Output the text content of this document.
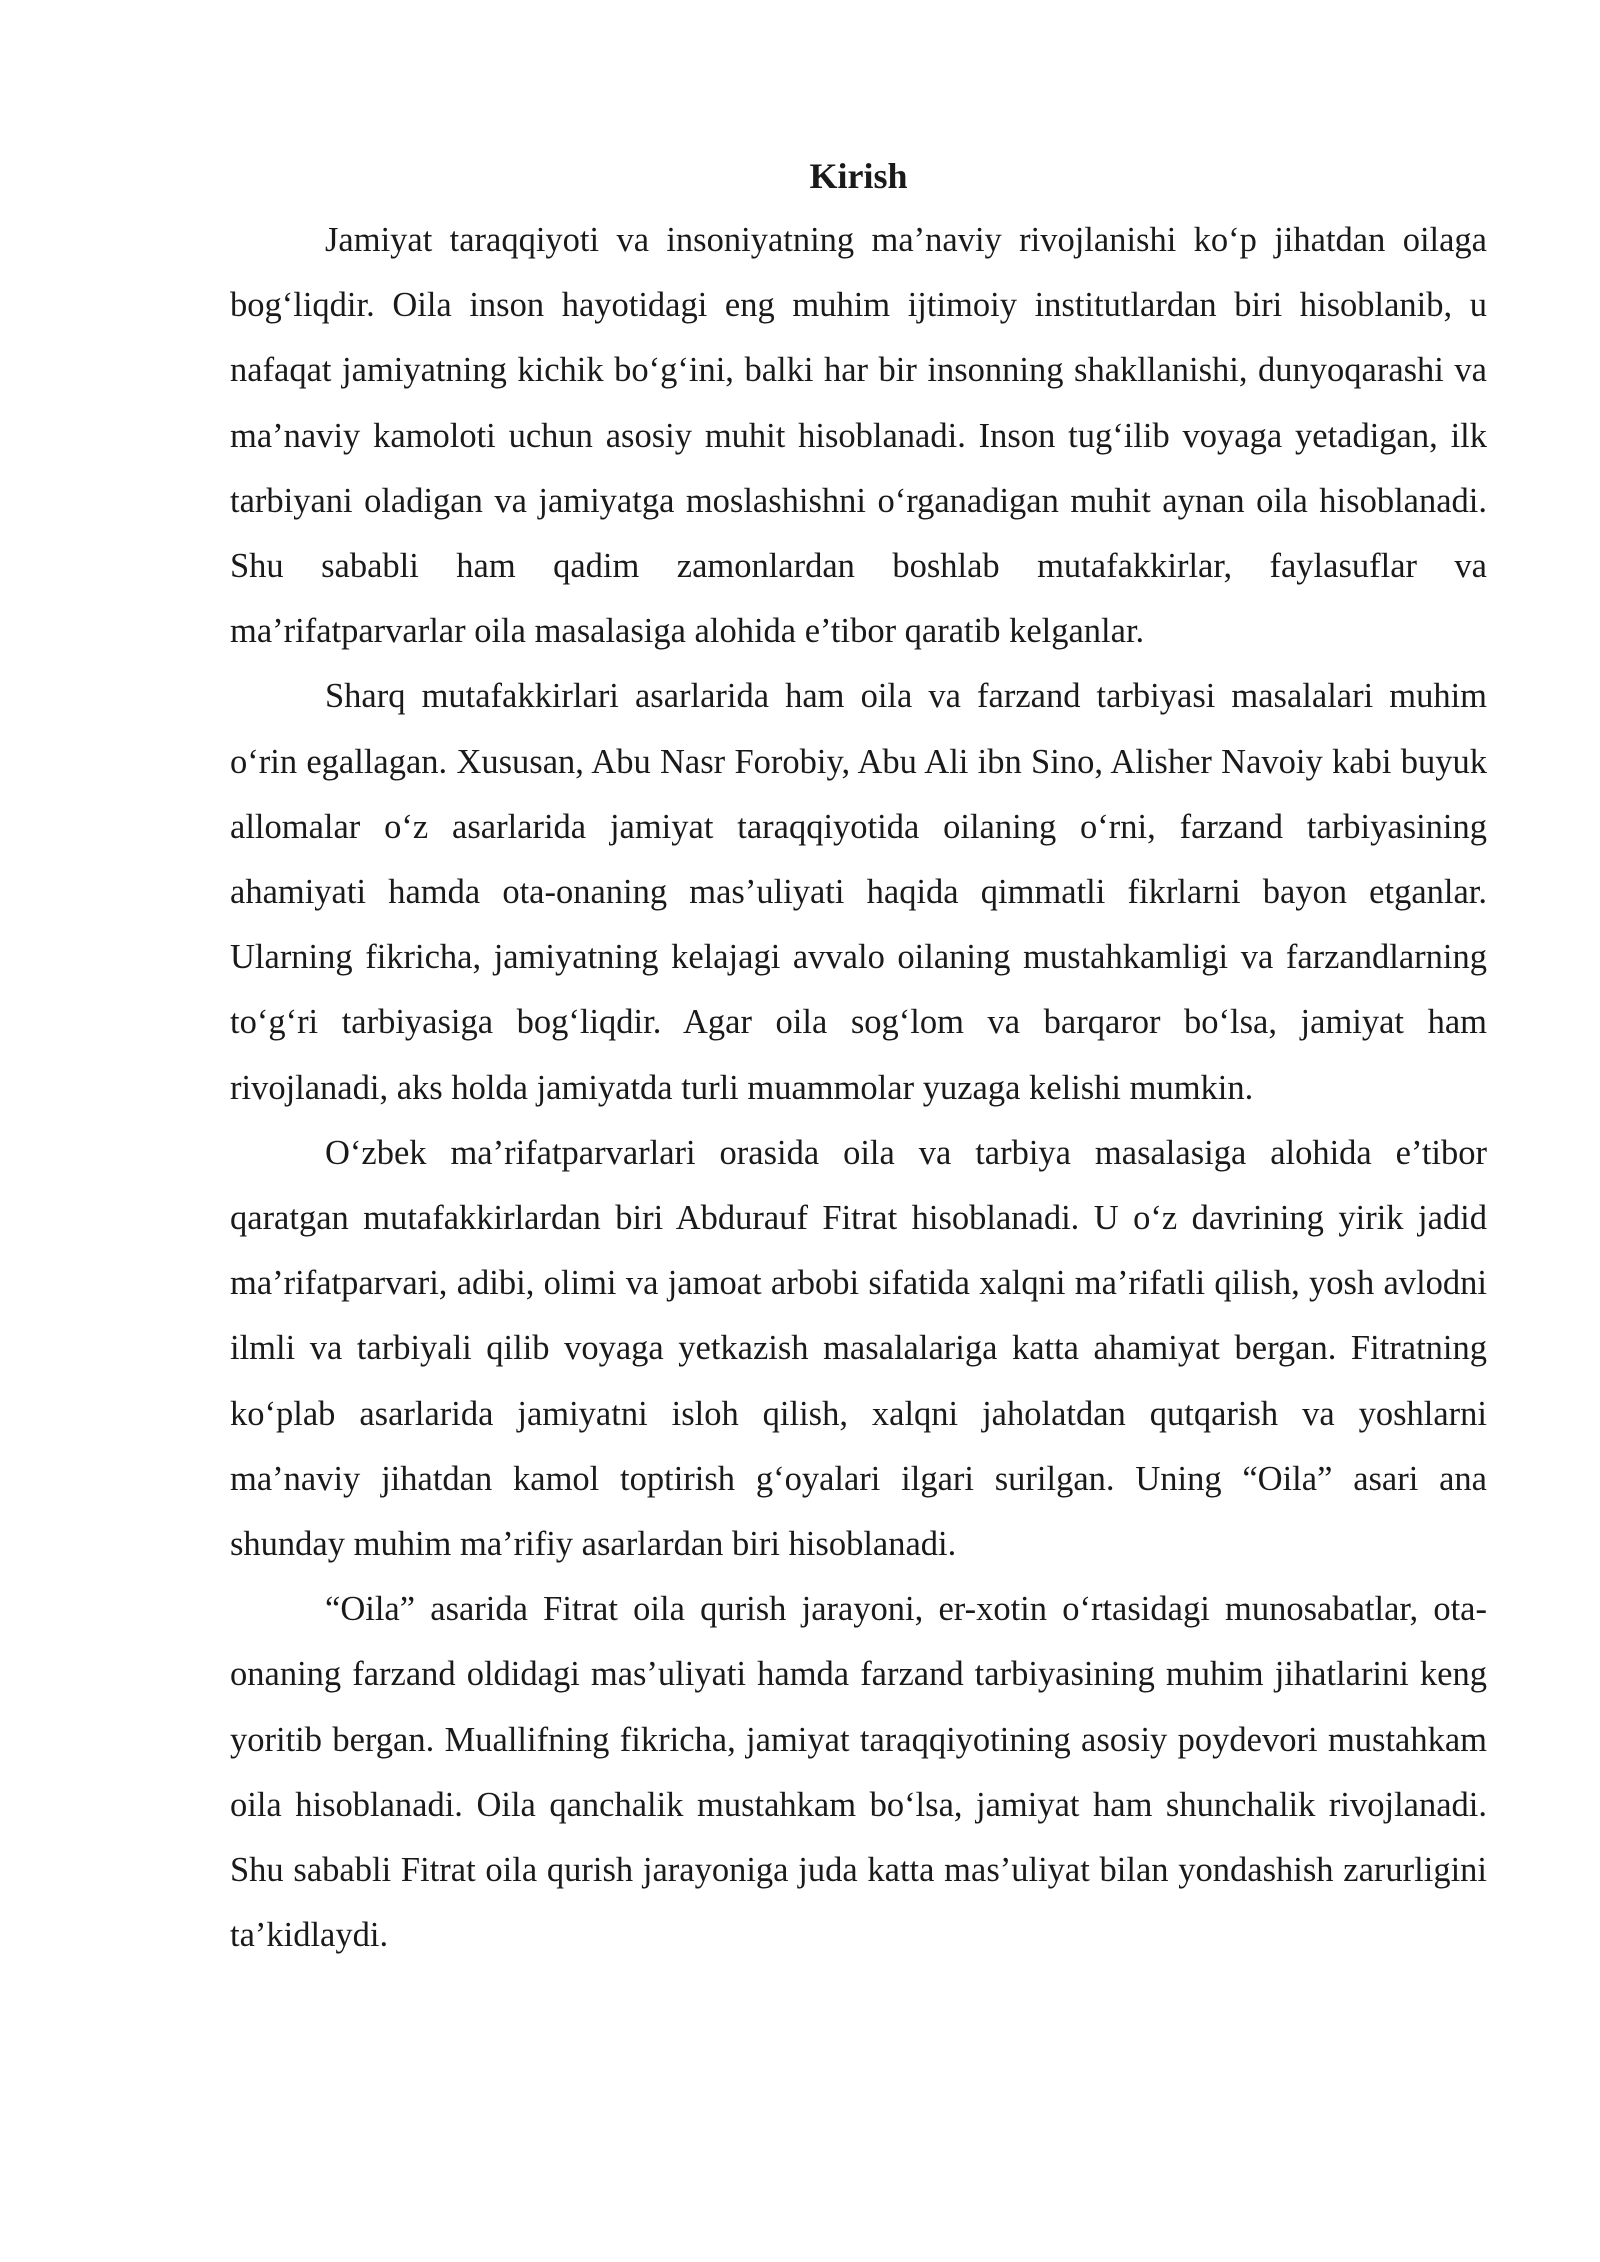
Kirish

Jamiyat taraqqiyoti va insoniyatning ma’naviy rivojlanishi ko‘p jihatdan oilaga bog‘liqdir. Oila inson hayotidagi eng muhim ijtimoiy institutlardan biri hisoblanib, u nafaqat jamiyatning kichik bo‘g‘ini, balki har bir insonning shakllanishi, dunyoqarashi va ma’naviy kamoloti uchun asosiy muhit hisoblanadi. Inson tug‘ilib voyaga yetadigan, ilk tarbiyani oladigan va jamiyatga moslashishni o‘rganadigan muhit aynan oila hisoblanadi. Shu sababli ham qadim zamonlardan boshlab mutafakkirlar, faylasuflar va ma’rifatparvarlar oila masalasiga alohida e’tibor qaratib kelganlar.

Sharq mutafakkirlari asarlarida ham oila va farzand tarbiyasi masalalari muhim o‘rin egallagan. Xususan, Abu Nasr Forobiy, Abu Ali ibn Sino, Alisher Navoiy kabi buyuk allomalar o‘z asarlarida jamiyat taraqqiyotida oilaning o‘rni, farzand tarbiyasining ahamiyati hamda ota-onaning mas’uliyati haqida qimmatli fikrlarni bayon etganlar. Ularning fikricha, jamiyatning kelajagi avvalo oilaning mustahkamligi va farzandlarning to‘g‘ri tarbiyasiga bog‘liqdir. Agar oila sog‘lom va barqaror bo‘lsa, jamiyat ham rivojlanadi, aks holda jamiyatda turli muammolar yuzaga kelishi mumkin.

O‘zbek ma’rifatparvarlari orasida oila va tarbiya masalasiga alohida e’tibor qaratgan mutafakkirlardan biri Abdurauf Fitrat hisoblanadi. U o‘z davrining yirik jadid ma’rifatparvari, adibi, olimi va jamoat arbobi sifatida xalqni ma’rifatli qilish, yosh avlodni ilmli va tarbiyali qilib voyaga yetkazish masalalariga katta ahamiyat bergan. Fitratning ko‘plab asarlarida jamiyatni isloh qilish, xalqni jaholatdan qutqarish va yoshlarni ma’naviy jihatdan kamol toptirish g‘oyalari ilgari surilgan. Uning “Oila” asari ana shunday muhim ma’rifiy asarlardan biri hisoblanadi.

“Oila” asarida Fitrat oila qurish jarayoni, er-xotin o‘rtasidagi munosabatlar, ota-onaning farzand oldidagi mas’uliyati hamda farzand tarbiyasining muhim jihatlarini keng yoritib bergan. Muallifning fikricha, jamiyat taraqqiyotining asosiy poydevori mustahkam oila hisoblanadi. Oila qanchalik mustahkam bo‘lsa, jamiyat ham shunchalik rivojlanadi. Shu sababli Fitrat oila qurish jarayoniga juda katta mas’uliyat bilan yondashish zarurligini ta’kidlaydi.
